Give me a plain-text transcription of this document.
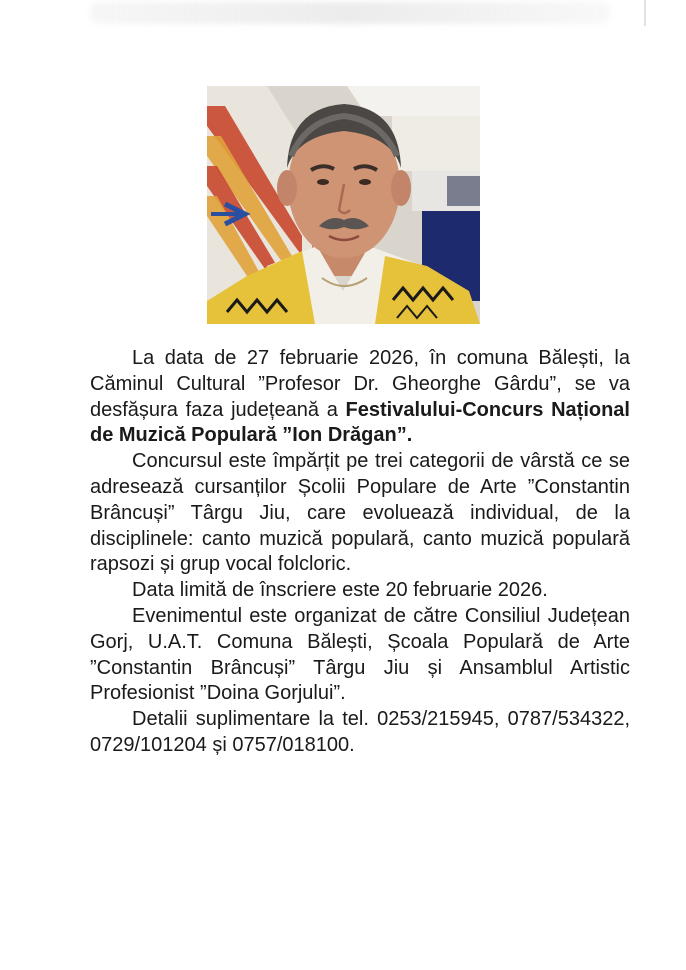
La data de 27 februarie 2026, în comuna Bălești, la Căminul Cultural ”Profesor Dr. Gheorghe Gârdu”, se va desfășura faza județeană a Festivalului-Concurs Național de Muzică Populară ”Ion Drăgan”.

Concursul este împărțit pe trei categorii de vârstă ce se adresează cursanților Școlii Populare de Arte ”Constantin Brâncuși” Târgu Jiu, care evoluează individual, de la disciplinele: canto muzică populară, canto muzică populară rapsozi și grup vocal folcloric.

Data limită de înscriere este 20 februarie 2026.

Evenimentul este organizat de către Consiliul Județean Gorj, U.A.T. Comuna Bălești, Școala Populară de Arte ”Constantin Brâncuși” Târgu Jiu și Ansamblul Artistic Profesionist ”Doina Gorjului”.

Detalii suplimentare la tel. 0253/215945, 0787/534322, 0729/101204 și 0757/018100.
